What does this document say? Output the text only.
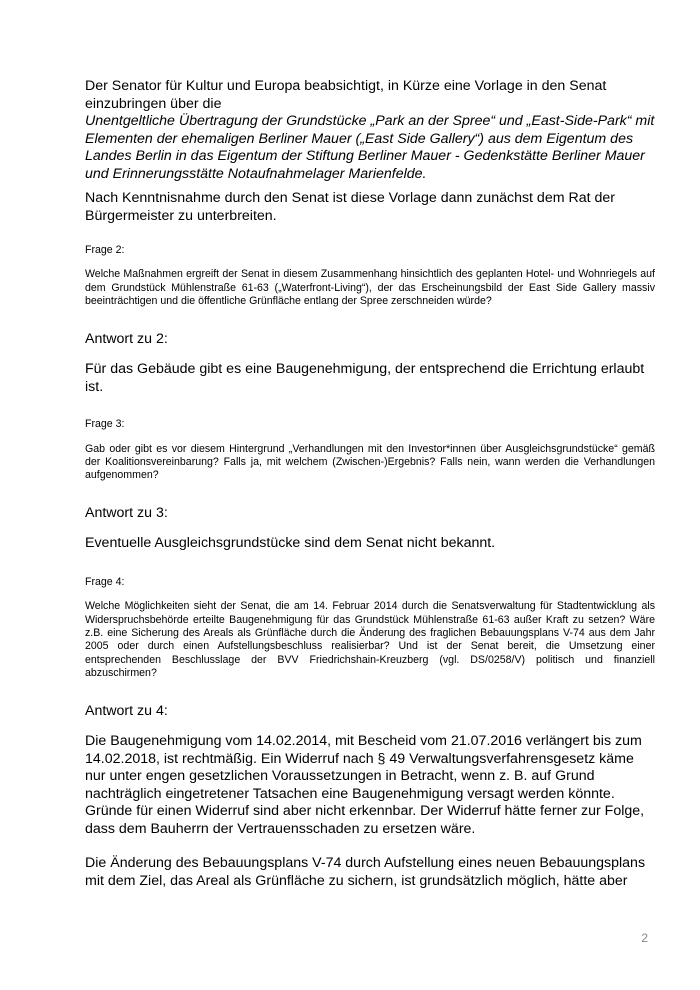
Der Senator für Kultur und Europa beabsichtigt, in Kürze eine Vorlage in den Senat einzubringen über die

Unentgeltliche Übertragung der Grundstücke „Park an der Spree“ und „East-Side-Park“ mit Elementen der ehemaligen Berliner Mauer („East Side Gallery“) aus dem Eigentum des Landes Berlin in das Eigentum der Stiftung Berliner Mauer - Gedenkstätte Berliner Mauer und Erinnerungsstätte Notaufnahmelager Marienfelde.

Nach Kenntnisnahme durch den Senat ist diese Vorlage dann zunächst dem Rat der Bürgermeister zu unterbreiten.

Frage 2:

Welche Maßnahmen ergreift der Senat in diesem Zusammenhang hinsichtlich des geplanten Hotel- und Wohnriegels auf dem Grundstück Mühlenstraße 61-63 („Waterfront-Living“), der das Erscheinungsbild der East Side Gallery massiv beeinträchtigen und die öffentliche Grünfläche entlang der Spree zerschneiden würde?

Antwort zu 2:

Für das Gebäude gibt es eine Baugenehmigung, der entsprechend die Errichtung erlaubt ist.

Frage 3:

Gab oder gibt es vor diesem Hintergrund „Verhandlungen mit den Investor*innen über Ausgleichsgrundstücke“ gemäß der Koalitionsvereinbarung? Falls ja, mit welchem (Zwischen-)Ergebnis? Falls nein, wann werden die Verhandlungen aufgenommen?

Antwort zu 3:

Eventuelle Ausgleichsgrundstücke sind dem Senat nicht bekannt.

Frage 4:

Welche Möglichkeiten sieht der Senat, die am 14. Februar 2014 durch die Senatsverwaltung für Stadtentwicklung als Widerspruchsbehörde erteilte Baugenehmigung für das Grundstück Mühlenstraße 61-63 außer Kraft zu setzen? Wäre z.B. eine Sicherung des Areals als Grünfläche durch die Änderung des fraglichen Bebauungsplans V-74 aus dem Jahr 2005 oder durch einen Aufstellungsbeschluss realisierbar? Und ist der Senat bereit, die Umsetzung einer entsprechenden Beschlusslage der BVV Friedrichshain-Kreuzberg (vgl. DS/0258/V) politisch und finanziell abzuschirmen?

Antwort zu 4:

Die Baugenehmigung vom 14.02.2014, mit Bescheid vom 21.07.2016 verlängert bis zum 14.02.2018, ist rechtmäßig. Ein Widerruf nach § 49 Verwaltungsverfahrensgesetz käme nur unter engen gesetzlichen Voraussetzungen in Betracht, wenn z. B. auf Grund nachträglich eingetretener Tatsachen eine Baugenehmigung versagt werden könnte. Gründe für einen Widerruf sind aber nicht erkennbar. Der Widerruf hätte ferner zur Folge, dass dem Bauherrn der Vertrauensschaden zu ersetzen wäre.

Die Änderung des Bebauungsplans V-74 durch Aufstellung eines neuen Bebauungsplans mit dem Ziel, das Areal als Grünfläche zu sichern, ist grundsätzlich möglich, hätte aber

2
